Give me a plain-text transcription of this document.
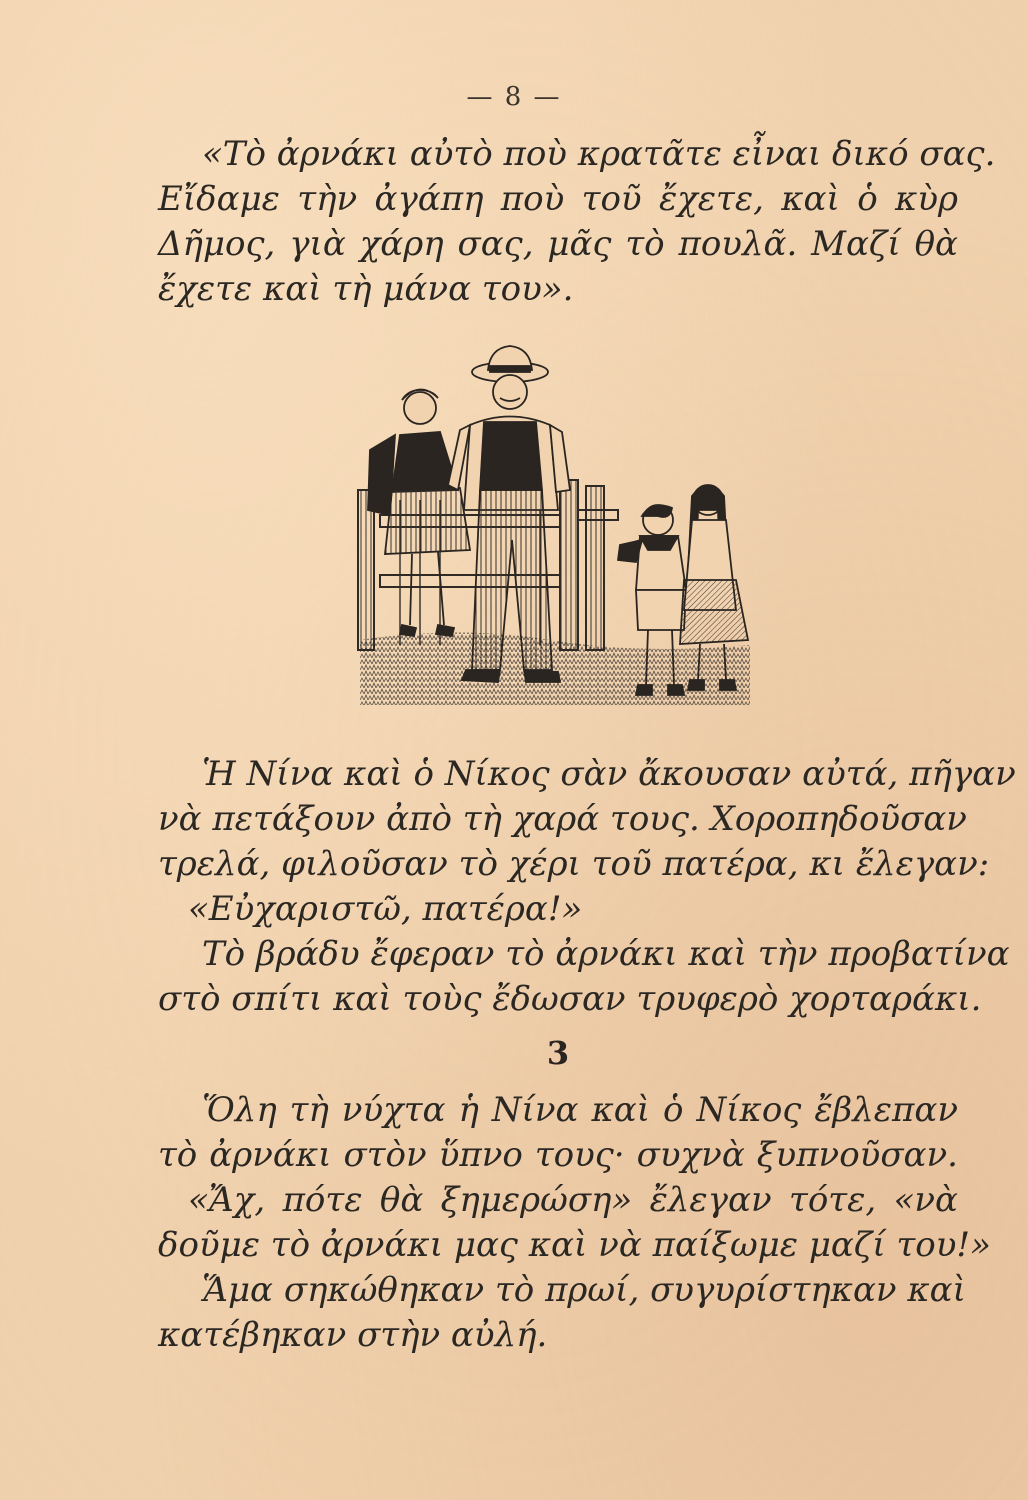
— 8 —
«Τὸ ἀρνάκι αὐτὸ ποὺ κρατᾶτε εἶναι δικό σας.
Εἴδαμε τὴν ἀγάπη ποὺ τοῦ ἔχετε, καὶ ὁ κὺρ
Δῆμος, γιὰ χάρη σας, μᾶς τὸ πουλᾶ. Μαζί θὰ
ἔχετε καὶ τὴ μάνα του».
Ἡ Νίνα καὶ ὁ Νίκος σὰν ἄκουσαν αὐτά, πῆγαν
νὰ πετάξουν ἀπὸ τὴ χαρά τους. Χοροπηδοῦσαν
τρελά, φιλοῦσαν τὸ χέρι τοῦ πατέρα, κι ἔλεγαν:
«Εὐχαριστῶ, πατέρα!»
Τὸ βράδυ ἔφεραν τὸ ἀρνάκι καὶ τὴν προβατίνα
στὸ σπίτι καὶ τοὺς ἔδωσαν τρυφερὸ χορταράκι.
3
Ὅλη τὴ νύχτα ἡ Νίνα καὶ ὁ Νίκος ἔβλεπαν
τὸ ἀρνάκι στὸν ὕπνο τους· συχνὰ ξυπνοῦσαν.
«Ἄχ, πότε θὰ ξημερώση» ἔλεγαν τότε, «νὰ
δοῦμε τὸ ἀρνάκι μας καὶ νὰ παίξωμε μαζί του!»
Ἅμα σηκώθηκαν τὸ πρωί, συγυρίστηκαν καὶ
κατέβηκαν στὴν αὐλή.
